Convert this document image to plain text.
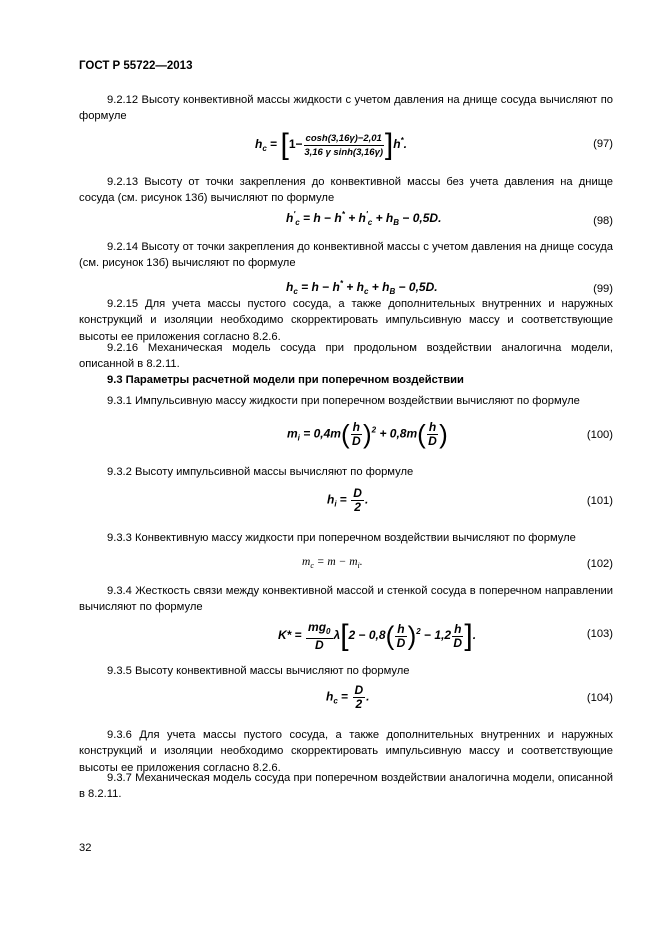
ГОСТ Р 55722—2013
9.2.12 Высоту конвективной массы жидкости с учетом давления на днище сосуда вычисляют по формуле
$h_c = [1- \frac{\cosh(3,16\gamma)-2,01}{\text{3,16 γ sinh(3,16γ)}} ]h^*$.	(97)
9.2.13 Высоту от точки закрепления до конвективной массы без учета давления на днище сосуда (см. рисунок 13б) вычисляют по формуле
$h'_c = h - h^* + h'_c + h_B - 0,5D$.	(98)
9.2.14 Высоту от точки закрепления до конвективной массы с учетом давления на днище сосуда (см. рисунок 13б) вычисляют по формуле
$h_c = h - h^* + h_c + h_B - 0,5D$.	(99)
9.2.15 Для учета массы пустого сосуда, а также дополнительных внутренних и наружных конструкций и изоляции необходимо скорректировать импульсивную массу и соответствующие высоты ее приложения согласно 8.2.6.
9.2.16 Механическая модель сосуда при продольном воздействии аналогична модели, описанной в 8.2.11.
9.3 Параметры расчетной модели при поперечном воздействии
9.3.1 Импульсивную массу жидкости при поперечном воздействии вычисляют по формуле
$m_i = 0,4m( \frac{h}{D} )^2 + 0,8m( \frac{h}{D}$ )	(100)
9.3.2 Высоту импульсивной массы вычисляют по формуле
$h_i = \frac{D}{2}$ .	(101)
9.3.3 Конвективную массу жидкости при поперечном воздействии вычисляют по формуле
$m_c = m - m_i$.	(102)
9.3.4 Жесткость связи между конвективной массой и стенкой сосуда в поперечном направлении вычисляют по формуле
$K* = \frac{mg_0}{D} \lambda[2 - 0,8( \frac{h}{D} )^2 - 1,2 \frac{h}{D}$ ].	(103)
9.3.5 Высоту конвективной массы вычисляют по формуле
$h_c = \frac{D}{2}$ .	(104)
9.3.6 Для учета массы пустого сосуда, а также дополнительных внутренних и наружных конструкций и изоляции необходимо скорректировать импульсивную массу и соответствующие высоты ее приложения согласно 8.2.6.
9.3.7 Механическая модель сосуда при поперечном воздействии аналогична модели, описанной в 8.2.11.
32
